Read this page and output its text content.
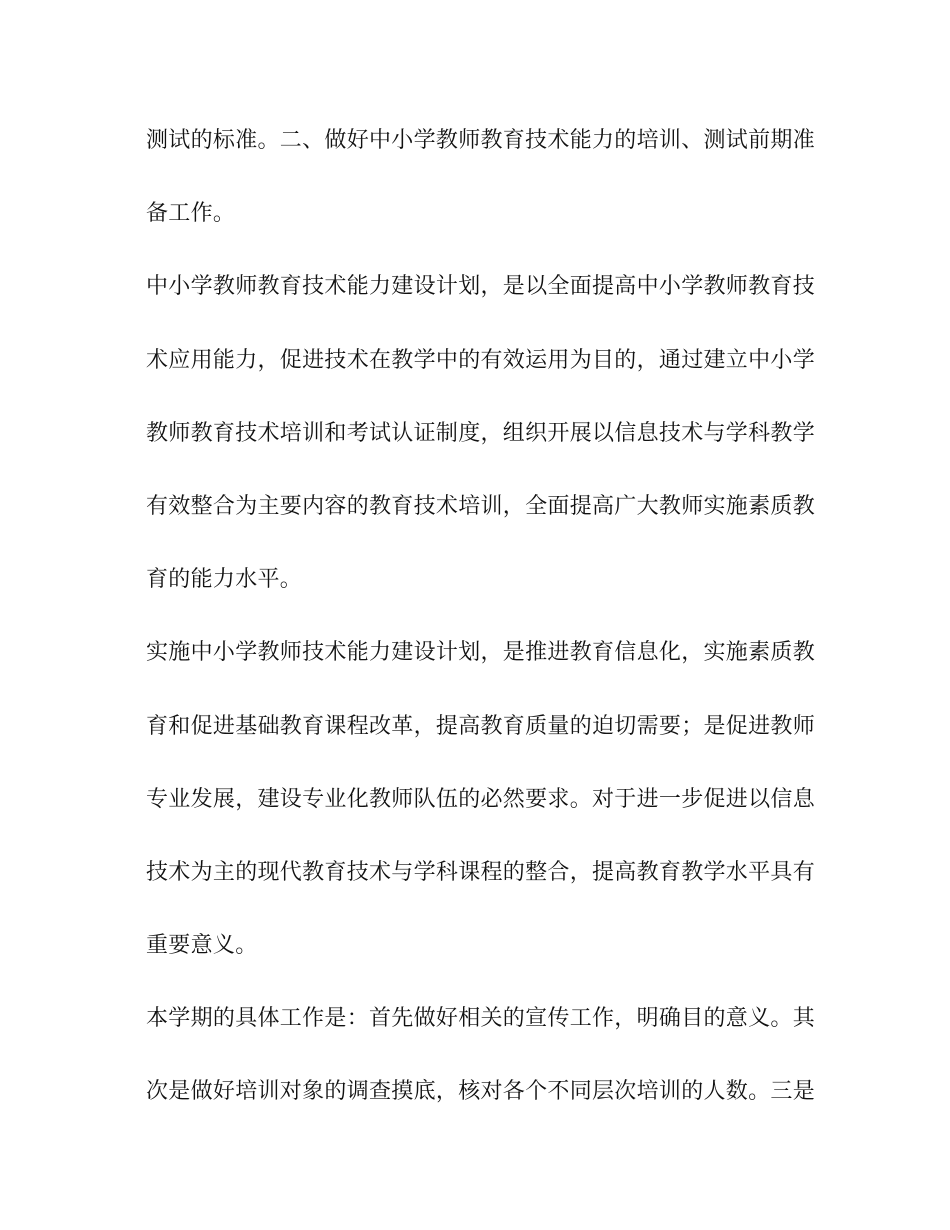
测试的标准。二、做好中小学教师教育技术能力的培训、测试前期准
备工作。
中小学教师教育技术能力建设计划，是以全面提高中小学教师教育技
术应用能力，促进技术在教学中的有效运用为目的，通过建立中小学
教师教育技术培训和考试认证制度，组织开展以信息技术与学科教学
有效整合为主要内容的教育技术培训，全面提高广大教师实施素质教
育的能力水平。
实施中小学教师技术能力建设计划，是推进教育信息化，实施素质教
育和促进基础教育课程改革，提高教育质量的迫切需要；是促进教师
专业发展，建设专业化教师队伍的必然要求。对于进一步促进以信息
技术为主的现代教育技术与学科课程的整合，提高教育教学水平具有
重要意义。
本学期的具体工作是：首先做好相关的宣传工作，明确目的意义。其
次是做好培训对象的调查摸底，核对各个不同层次培训的人数。三是
